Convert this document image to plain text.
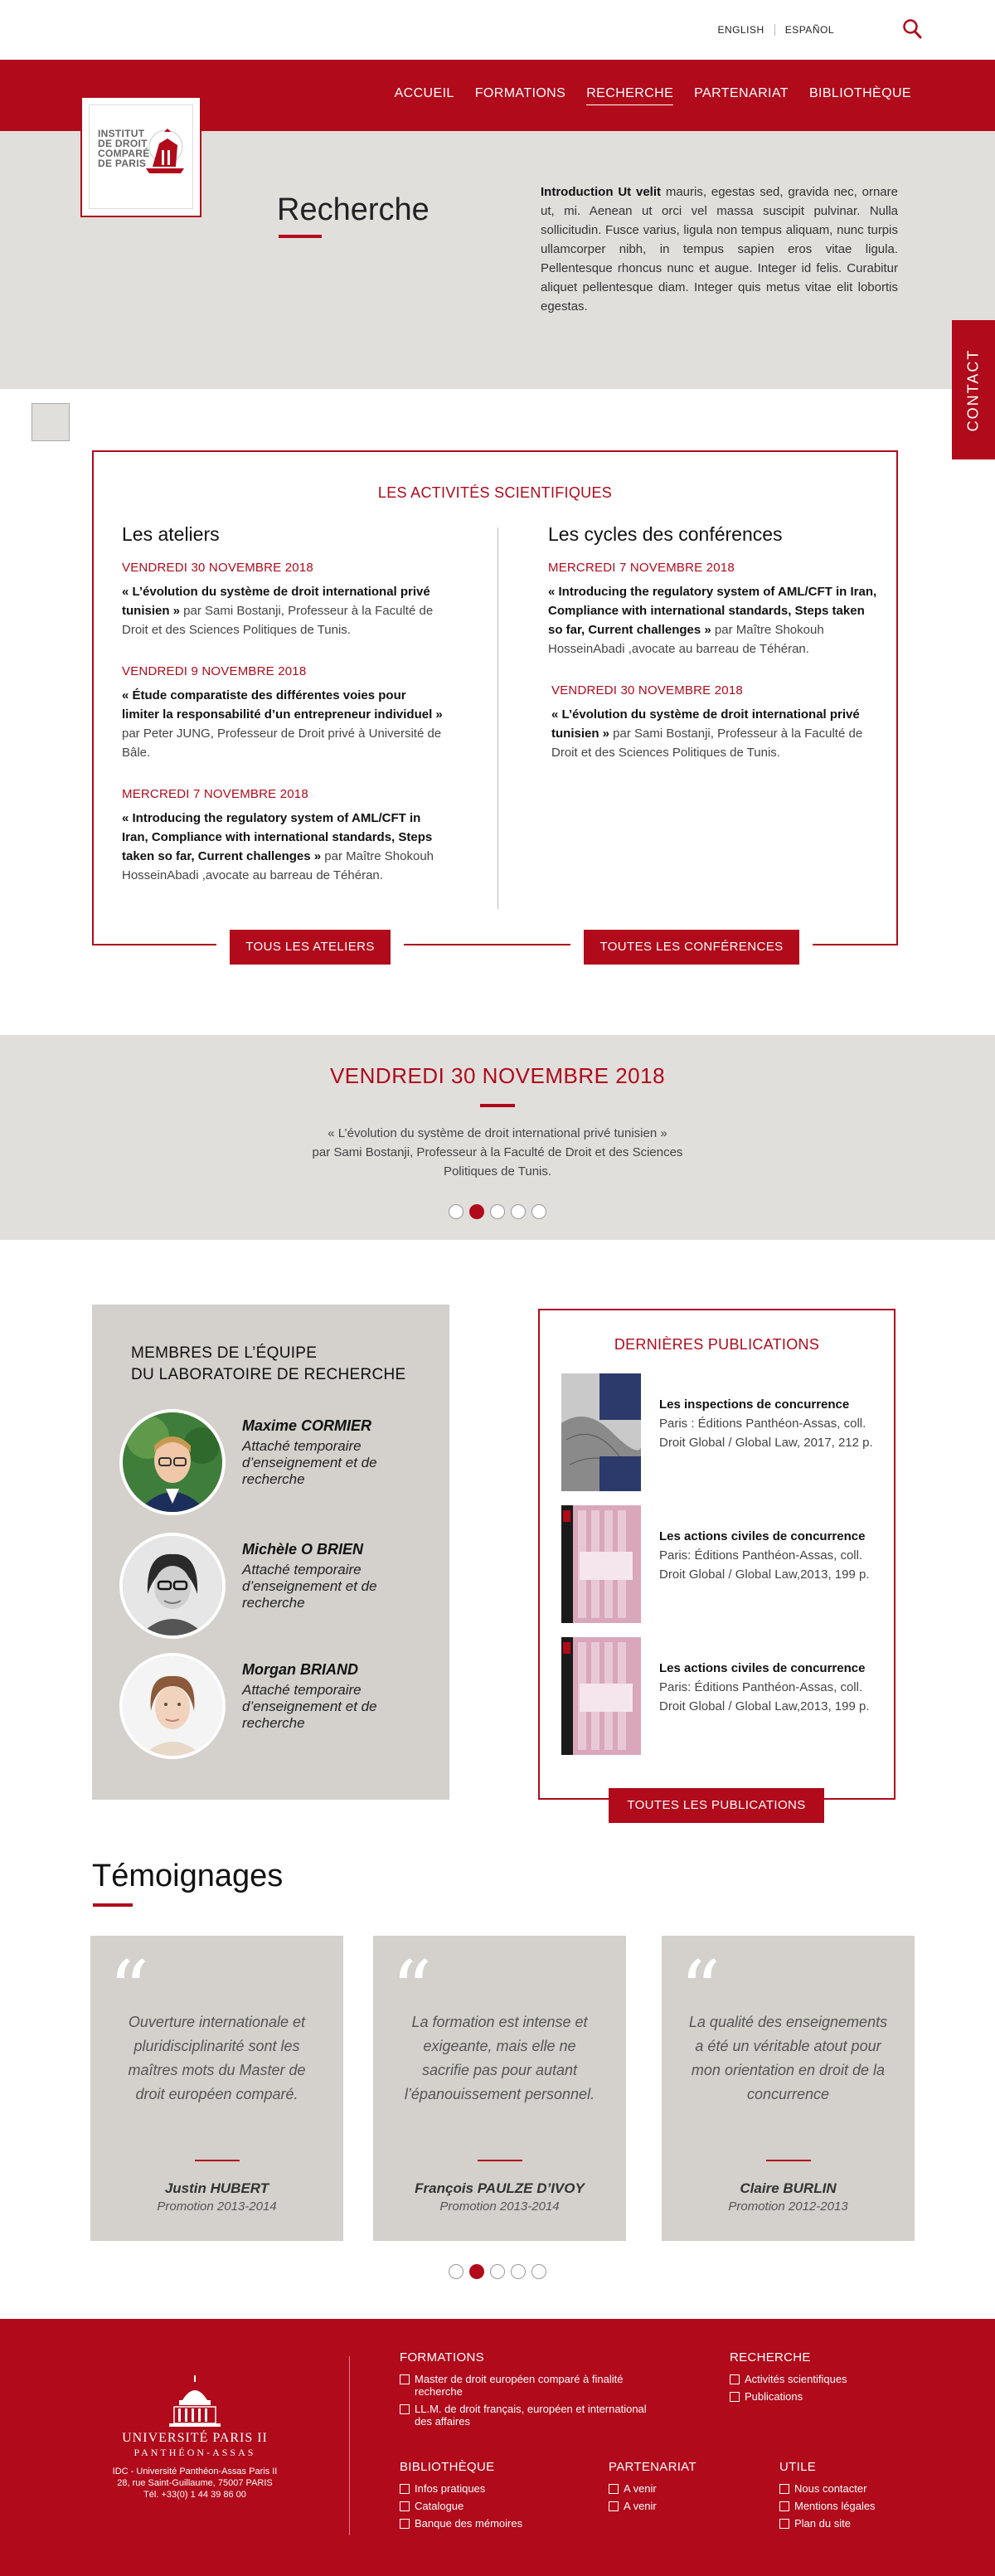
ENGLISH	ESPAÑOL
INSTITUT
DE DROIT
COMPARÉ
DE PARIS
ACCUEIL FORMATIONS RECHERCHE PARTENARIAT BIBLIOTHÈQUE
Recherche

Introduction Ut velit mauris, egestas sed, gravida nec, ornare ut, mi. Aenean ut orci vel massa suscipit pulvinar. Nulla sollicitudin. Fusce varius, ligula non tempus aliquam, nunc turpis ullamcorper nibh, in tempus sapien eros vitae ligula. Pellentesque rhoncus nunc et augue. Integer id felis. Curabitur aliquet pellentesque diam. Integer quis metus vitae elit lobortis egestas.

CONTACT
LES ACTIVITÉS SCIENTIFIQUES
Les ateliers
VENDREDI 30 NOVEMBRE 2018
« L’évolution du système de droit international privé tunisien » par Sami Bostanji, Professeur à la Faculté de Droit et des Sciences Politiques de Tunis.
VENDREDI 9 NOVEMBRE 2018
« Étude comparatiste des différentes voies pour limiter la responsabilité d’un entrepreneur individuel » par Peter JUNG, Professeur de Droit privé à Université de Bâle.
MERCREDI 7 NOVEMBRE 2018
« Introducing the regulatory system of AML/CFT in Iran, Compliance with international standards, Steps taken so far, Current challenges » par Maître Shokouh HosseinAbadi ,avocate au barreau de Téhéran.
Les cycles des conférences
MERCREDI 7 NOVEMBRE 2018
« Introducing the regulatory system of AML/CFT in Iran, Compliance with international standards, Steps taken so far, Current challenges » par Maître Shokouh HosseinAbadi ,avocate au barreau de Téhéran.
VENDREDI 30 NOVEMBRE 2018
« L’évolution du système de droit international privé tunisien » par Sami Bostanji, Professeur à la Faculté de Droit et des Sciences Politiques de Tunis.
TOUS LES ATELIERS	TOUTES LES CONFÉRENCES
VENDREDI 30 NOVEMBRE 2018
« L’évolution du système de droit international privé tunisien »
par Sami Bostanji, Professeur à la Faculté de Droit et des Sciences Politiques de Tunis.
MEMBRES DE L’ÉQUIPE
DU LABORATOIRE DE RECHERCHE
Maxime CORMIER
Attaché temporaire d’enseignement et de recherche
Michèle O BRIEN
Attaché temporaire d’enseignement et de recherche
Morgan BRIAND
Attaché temporaire d’enseignement et de recherche
DERNIÈRES PUBLICATIONS
Les inspections de concurrence
Paris : Éditions Panthéon-Assas, coll. Droit Global / Global Law, 2017, 212 p.
Les actions civiles de concurrence
Paris: Éditions Panthéon-Assas, coll. Droit Global / Global Law,2013, 199 p.
Les actions civiles de concurrence
Paris: Éditions Panthéon-Assas, coll. Droit Global / Global Law,2013, 199 p.
TOUTES LES PUBLICATIONS
Témoignages
“
Ouverture internationale et pluridisciplinarité sont les maîtres mots du Master de droit européen comparé.
Justin HUBERT
Promotion 2013-2014
“
La formation est intense et exigeante, mais elle ne sacrifie pas pour autant l’épanouissement personnel.
François PAULZE D’IVOY
Promotion 2013-2014
“
La qualité des enseignements a été un véritable atout pour mon orientation en droit de la concurrence
Claire BURLIN
Promotion 2012-2013
UNIVERSITÉ PARIS II
PANTHÉON-ASSAS
IDC - Université Panthéon-Assas Paris II
28, rue Saint-Guillaume, 75007 PARIS
Tél. +33(0) 1 44 39 86 00
FORMATIONS
Master de droit européen comparé à finalité recherche
LL.M. de droit français, européen et international des affaires
RECHERCHE
Activités scientifiques
Publications
BIBLIOTHÈQUE
Infos pratiques
Catalogue
Banque des mémoires
PARTENARIAT
A venir
A venir
UTILE
Nous contacter
Mentions légales
Plan du site
